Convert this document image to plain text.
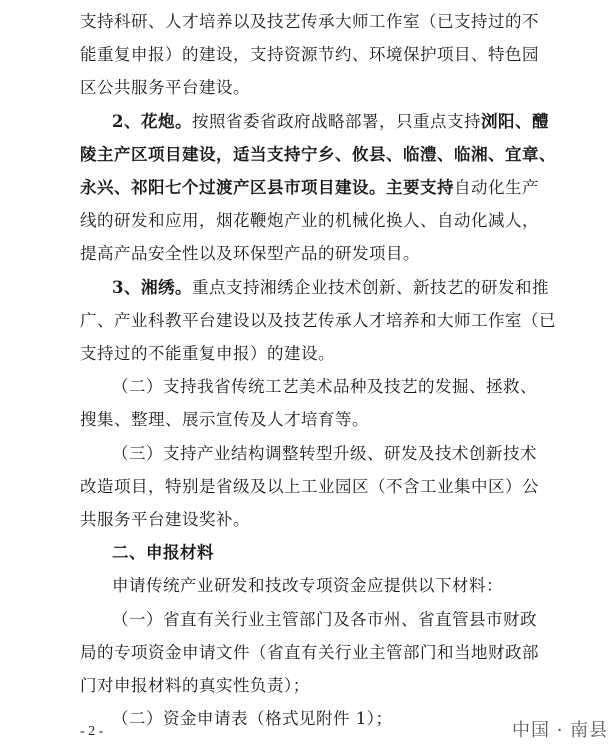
支持科研、人才培养以及技艺传承大师工作室（已支持过的不
能重复申报）的建设，支持资源节约、环境保护项目、特色园
区公共服务平台建设。
2、花炮。按照省委省政府战略部署，只重点支持浏阳、醴
陵主产区项目建设，适当支持宁乡、攸县、临澧、临湘、宜章、
永兴、祁阳七个过渡产区县市项目建设。主要支持自动化生产
线的研发和应用，烟花鞭炮产业的机械化换人、自动化减人，
提高产品安全性以及环保型产品的研发项目。
3、湘绣。重点支持湘绣企业技术创新、新技艺的研发和推
广、产业科教平台建设以及技艺传承人才培养和大师工作室（已
支持过的不能重复申报）的建设。
（二）支持我省传统工艺美术品种及技艺的发掘、拯救、
搜集、整理、展示宣传及人才培育等。
（三）支持产业结构调整转型升级、研发及技术创新技术
改造项目，特别是省级及以上工业园区（不含工业集中区）公
共服务平台建设奖补。
二、申报材料
申请传统产业研发和技改专项资金应提供以下材料：
（一）省直有关行业主管部门及各市州、省直管县市财政
- 2 -	中国 · 南县
局的专项资金申请文件（省直有关行业主管部门和当地财政部
门对申报材料的真实性负责）；
（二）资金申请表（格式见附件 1）；
